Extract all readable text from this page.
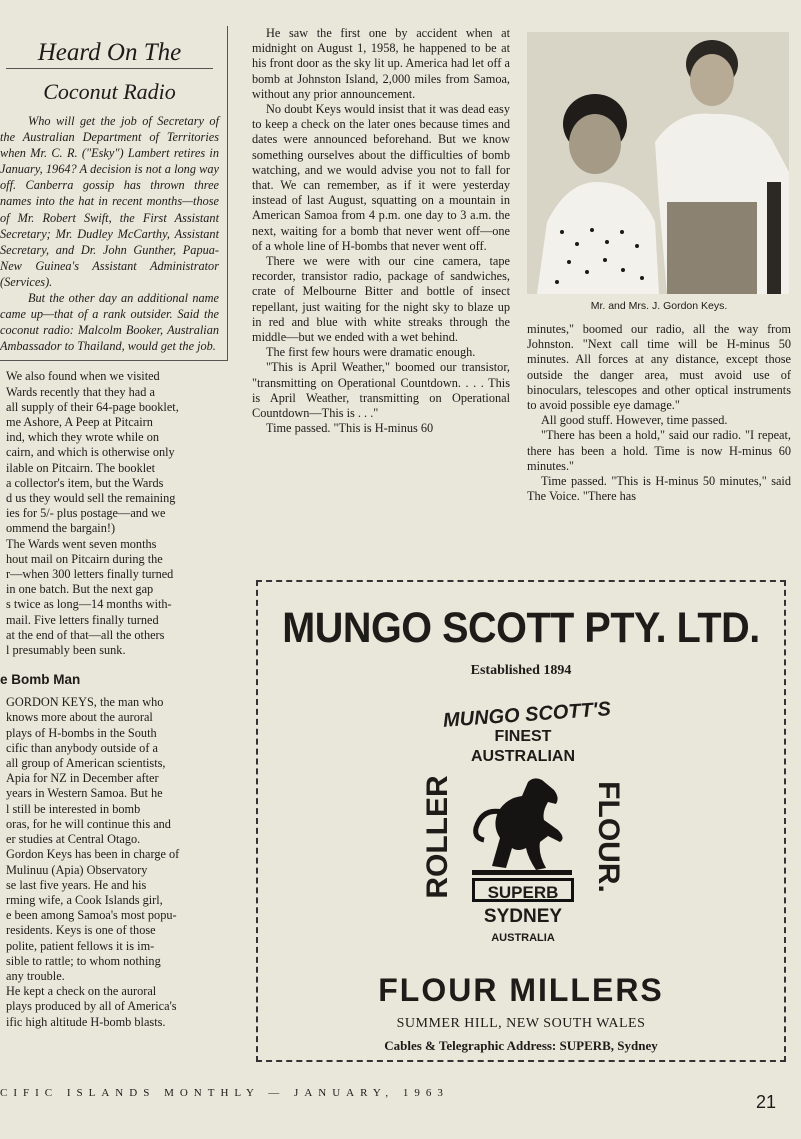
Heard On The
Coconut Radio

Who will get the job of Secretary of the Australian Department of Territories when Mr. C. R. ("Esky") Lambert retires in January, 1964? A decision is not a long way off. Canberra gossip has thrown three names into the hat in recent months—those of Mr. Robert Swift, the First Assistant Secretary; Mr. Dudley McCarthy, Assistant Secretary, and Dr. John Gunther, Papua-New Guinea's Assistant Administrator (Services).

But the other day an additional name came up—that of a rank outsider. Said the coconut radio: Malcolm Booker, Australian Ambassador to Thailand, would get the job.

We also found when we visited

Wards recently that they had a

all supply of their 64-page booklet,

me Ashore, A Peep at Pitcairn

ind, which they wrote while on

cairn, and which is otherwise only

ilable on Pitcairn. The booklet

a collector's item, but the Wards

d us they would sell the remaining

ies for 5/- plus postage—and we

ommend the bargain!)

The Wards went seven months

hout mail on Pitcairn during the

r—when 300 letters finally turned

in one batch. But the next gap

s twice as long—14 months with-

mail. Five letters finally turned

at the end of that—all the others

l presumably been sunk.

e Bomb Man

GORDON KEYS, the man who

knows more about the auroral

plays of H-bombs in the South

cific than anybody outside of a

all group of American scientists,

Apia for NZ in December after

years in Western Samoa. But he

l still be interested in bomb

oras, for he will continue this and

er studies at Central Otago.

Gordon Keys has been in charge of

Mulinuu (Apia) Observatory

se last five years. He and his

rming wife, a Cook Islands girl,

e been among Samoa's most popu-

residents. Keys is one of those

polite, patient fellows it is im-

sible to rattle; to whom nothing

any trouble.

He kept a check on the auroral

plays produced by all of America's

ific high altitude H-bomb blasts.

He saw the first one by accident when at midnight on August 1, 1958, he happened to be at his front door as the sky lit up. America had let off a bomb at Johnston Island, 2,000 miles from Samoa, without any prior announcement.

No doubt Keys would insist that it was dead easy to keep a check on the later ones because times and dates were announced beforehand. But we know something ourselves about the difficulties of bomb watching, and we would advise you not to fall for that. We can remember, as if it were yesterday instead of last August, squatting on a mountain in American Samoa from 4 p.m. one day to 3 a.m. the next, waiting for a bomb that never went off—one of a whole line of H-bombs that never went off.

There we were with our cine camera, tape recorder, transistor radio, package of sandwiches, crate of Melbourne Bitter and bottle of insect repellant, just waiting for the night sky to blaze up in red and blue with white streaks through the middle—but we ended with a wet behind.

The first few hours were dramatic enough.

"This is April Weather," boomed our transistor, "transmitting on Operational Countdown. . . . This is April Weather, transmitting on Operational Countdown—This is . . ."

Time passed. "This is H-minus 60

Mr. and Mrs. J. Gordon Keys.

minutes," boomed our radio, all the way from Johnston. "Next call time will be H-minus 50 minutes. All forces at any distance, except those outside the danger area, must avoid use of binoculars, telescopes and other optical instruments to avoid possible eye damage."

All good stuff. However, time passed.

"There has been a hold," said our radio. "I repeat, there has been a hold. Time is now H-minus 60 minutes."

Time passed. "This is H-minus 50 minutes," said The Voice. "There has

MUNGO SCOTT PTY. LTD.
Established 1894
MUNGO SCOTT'S
FINEST
AUSTRALIAN
ROLLER	FLOUR.
SUPERB
SYDNEY
AUSTRALIA
FLOUR MILLERS
SUMMER HILL, NEW SOUTH WALES
Cables & Telegraphic Address: SUPERB, Sydney
CIFIC ISLANDS MONTHLY — JANUARY, 1963	21
